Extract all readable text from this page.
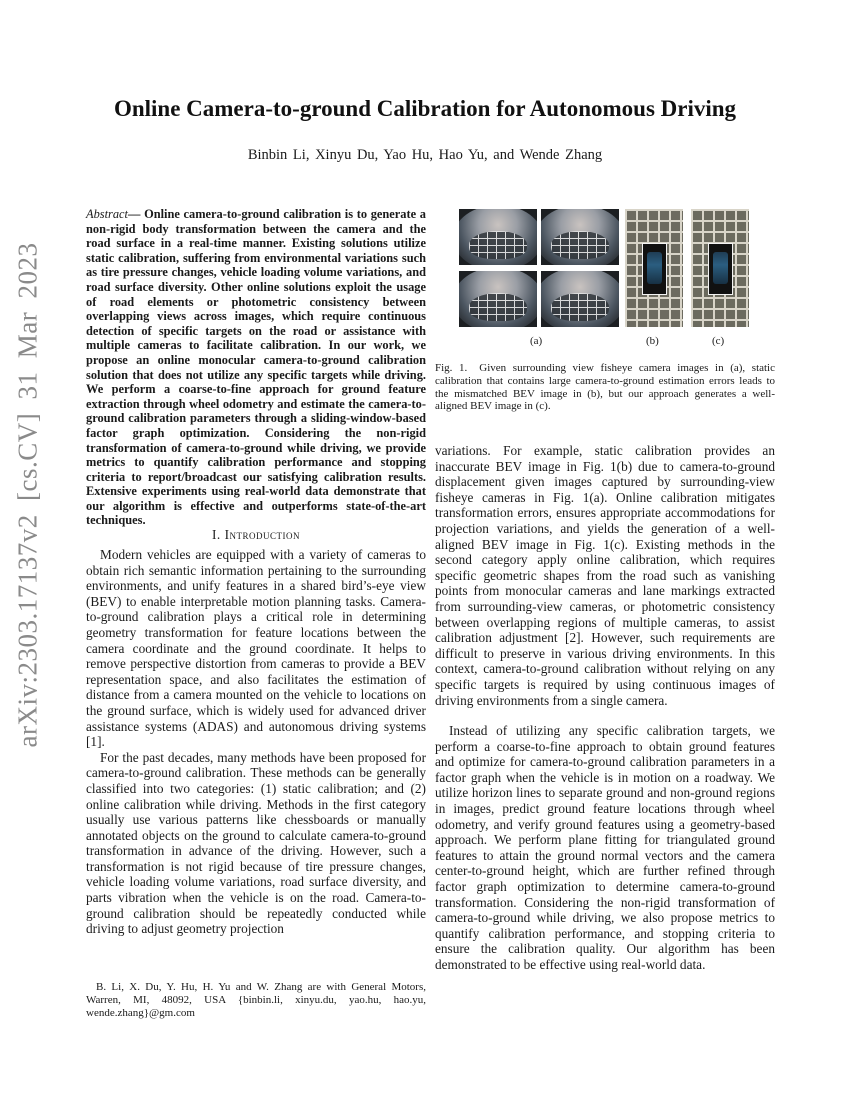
arXiv:2303.17137v2 [cs.CV] 31 Mar 2023
Online Camera-to-ground Calibration for Autonomous Driving
Binbin Li, Xinyu Du, Yao Hu, Hao Yu, and Wende Zhang
Abstract— Online camera-to-ground calibration is to generate a non-rigid body transformation between the camera and the road surface in a real-time manner. Existing solutions utilize static calibration, suffering from environmental variations such as tire pressure changes, vehicle loading volume variations, and road surface diversity. Other online solutions exploit the usage of road elements or photometric consistency between overlapping views across images, which require continuous detection of specific targets on the road or assistance with multiple cameras to facilitate calibration. In our work, we propose an online monocular camera-to-ground calibration solution that does not utilize any specific targets while driving. We perform a coarse-to-fine approach for ground feature extraction through wheel odometry and estimate the camera-to-ground calibration parameters through a sliding-window-based factor graph optimization. Considering the non-rigid transformation of camera-to-ground while driving, we provide metrics to quantify calibration performance and stopping criteria to report/broadcast our satisfying calibration results. Extensive experiments using real-world data demonstrate that our algorithm is effective and outperforms state-of-the-art techniques.
I. Introduction

Modern vehicles are equipped with a variety of cameras to obtain rich semantic information pertaining to the surrounding environments, and unify features in a shared bird’s-eye view (BEV) to enable interpretable motion planning tasks. Camera-to-ground calibration plays a critical role in determining geometry transformation for feature locations between the camera coordinate and the ground coordinate. It helps to remove perspective distortion from cameras to provide a BEV representation space, and also facilitates the estimation of distance from a camera mounted on the vehicle to locations on the ground surface, which is widely used for advanced driver assistance systems (ADAS) and autonomous driving systems [1].

For the past decades, many methods have been proposed for camera-to-ground calibration. These methods can be generally classified into two categories: (1) static calibration; and (2) online calibration while driving. Methods in the first category usually use various patterns like chessboards or manually annotated objects on the ground to calculate camera-to-ground transformation in advance of the driving. However, such a transformation is not rigid because of tire pressure changes, vehicle loading volume variations, road surface diversity, and parts vibration when the vehicle is on the road. Camera-to-ground calibration should be repeatedly conducted while driving to adjust geometry projection

B. Li, X. Du, Y. Hu, H. Yu and W. Zhang are with General Motors, Warren, MI, 48092, USA {binbin.li, xinyu.du, yao.hu, hao.yu, wende.zhang}@gm.com

(a)	(b)	(c)
Fig. 1. Given surrounding view fisheye camera images in (a), static calibration that contains large camera-to-ground estimation errors leads to the mismatched BEV image in (b), but our approach generates a well-aligned BEV image in (c).

variations. For example, static calibration provides an inaccurate BEV image in Fig. 1(b) due to camera-to-ground displacement given images captured by surrounding-view fisheye cameras in Fig. 1(a). Online calibration mitigates transformation errors, ensures appropriate accommodations for projection variations, and yields the generation of a well-aligned BEV image in Fig. 1(c). Existing methods in the second category apply online calibration, which requires specific geometric shapes from the road such as vanishing points from monocular cameras and lane markings extracted from surrounding-view cameras, or photometric consistency between overlapping regions of multiple cameras, to assist calibration adjustment [2]. However, such requirements are difficult to preserve in various driving environments. In this context, camera-to-ground calibration without relying on any specific targets is required by using continuous images of driving environments from a single camera.

Instead of utilizing any specific calibration targets, we perform a coarse-to-fine approach to obtain ground features and optimize for camera-to-ground calibration parameters in a factor graph when the vehicle is in motion on a roadway. We utilize horizon lines to separate ground and non-ground regions in images, predict ground feature locations through wheel odometry, and verify ground features using a geometry-based approach. We perform plane fitting for triangulated ground features to attain the ground normal vectors and the camera center-to-ground height, which are further refined through factor graph optimization to determine camera-to-ground transformation. Considering the non-rigid transformation of camera-to-ground while driving, we also propose metrics to quantify calibration performance, and stopping criteria to ensure the calibration quality. Our algorithm has been demonstrated to be effective using real-world data.
